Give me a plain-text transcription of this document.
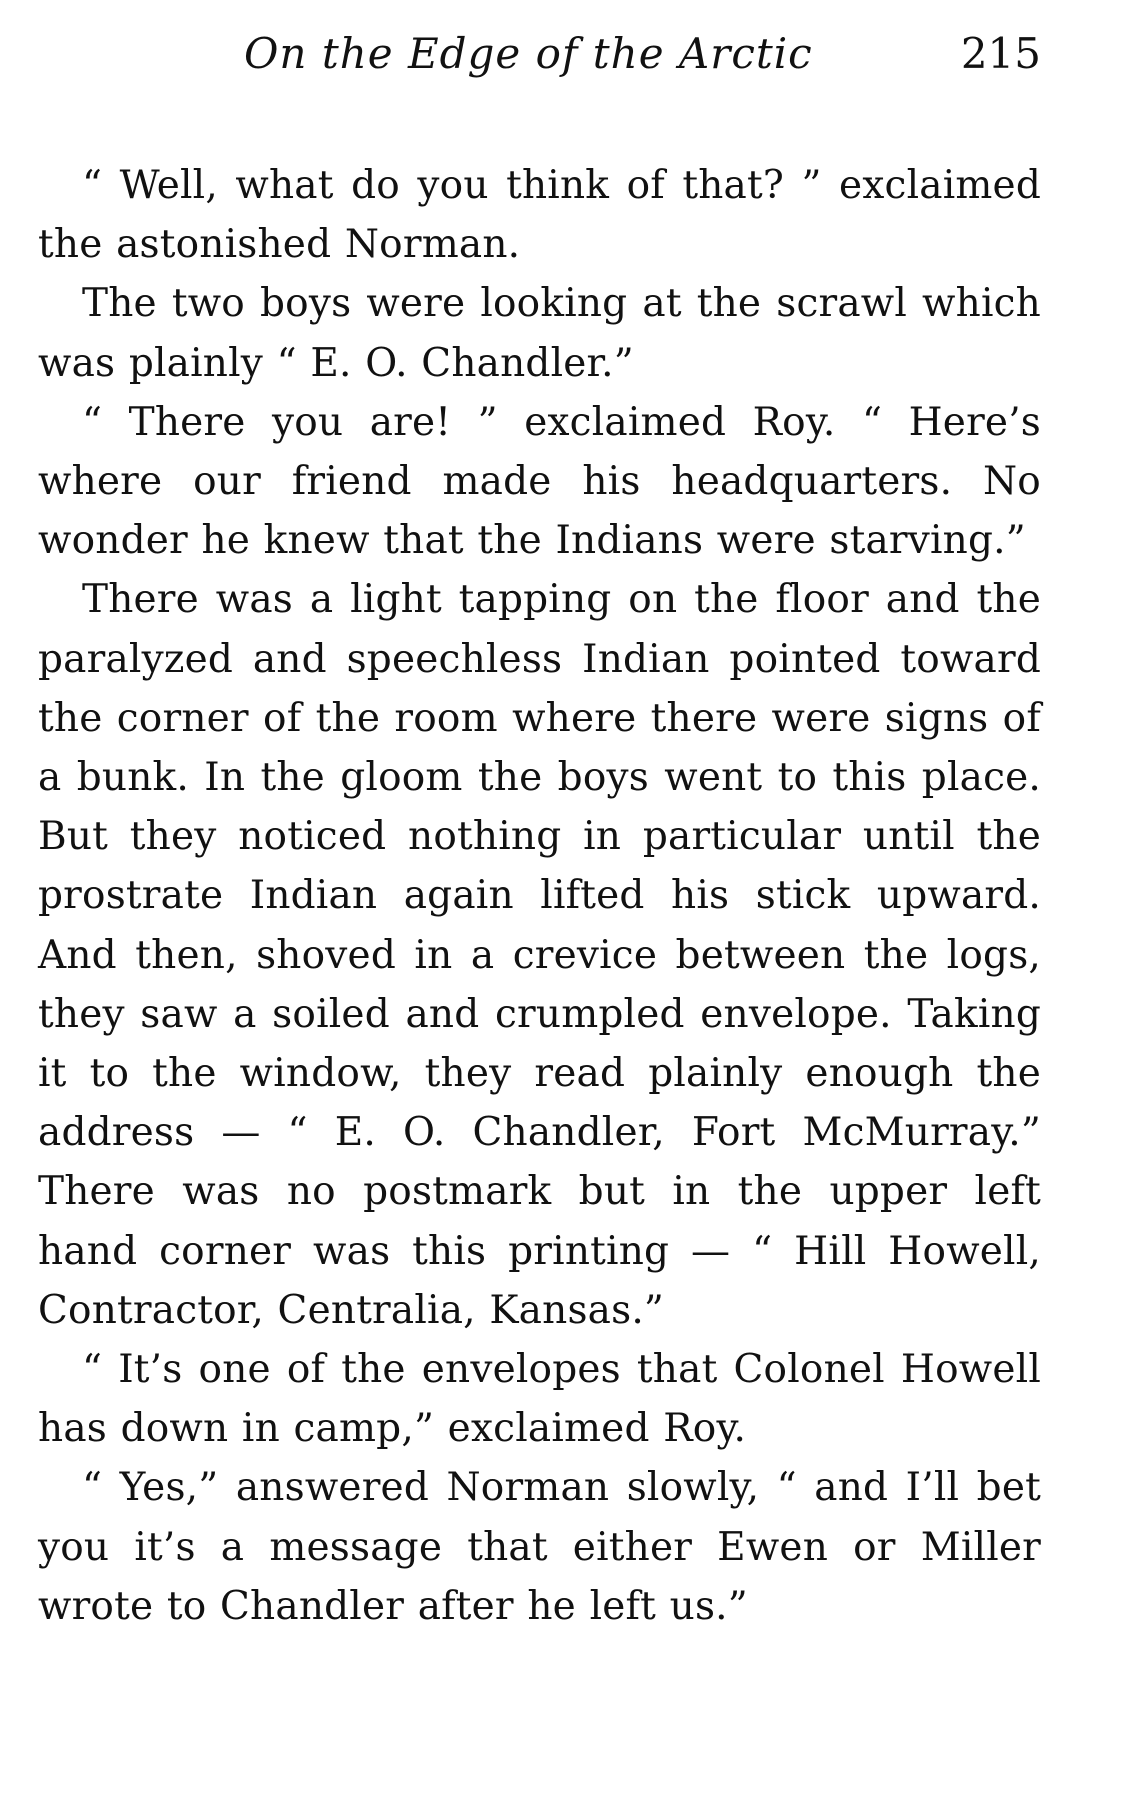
On the Edge of the Arctic	215

“ Well, what do you think of that? ” exclaimed the astonished Norman.

The two boys were looking at the scrawl which was plainly “ E. O. Chandler.”

“ There you are! ” exclaimed Roy. “ Here’s where our friend made his headquarters. No wonder he knew that the Indians were starving.”

There was a light tapping on the floor and the paralyzed and speechless Indian pointed toward the corner of the room where there were signs of a bunk. In the gloom the boys went to this place. But they noticed nothing in particular until the prostrate Indian again lifted his stick upward. And then, shoved in a crevice between the logs, they saw a soiled and crumpled envelope. Taking it to the window, they read plainly enough the address — “ E. O. Chandler, Fort McMurray.” There was no postmark but in the upper left hand corner was this printing — “ Hill Howell, Contractor, Centralia, Kansas.”

“ It’s one of the envelopes that Colonel Howell has down in camp,” exclaimed Roy.

“ Yes,” answered Norman slowly, “ and I’ll bet you it’s a message that either Ewen or Miller wrote to Chandler after he left us.”
